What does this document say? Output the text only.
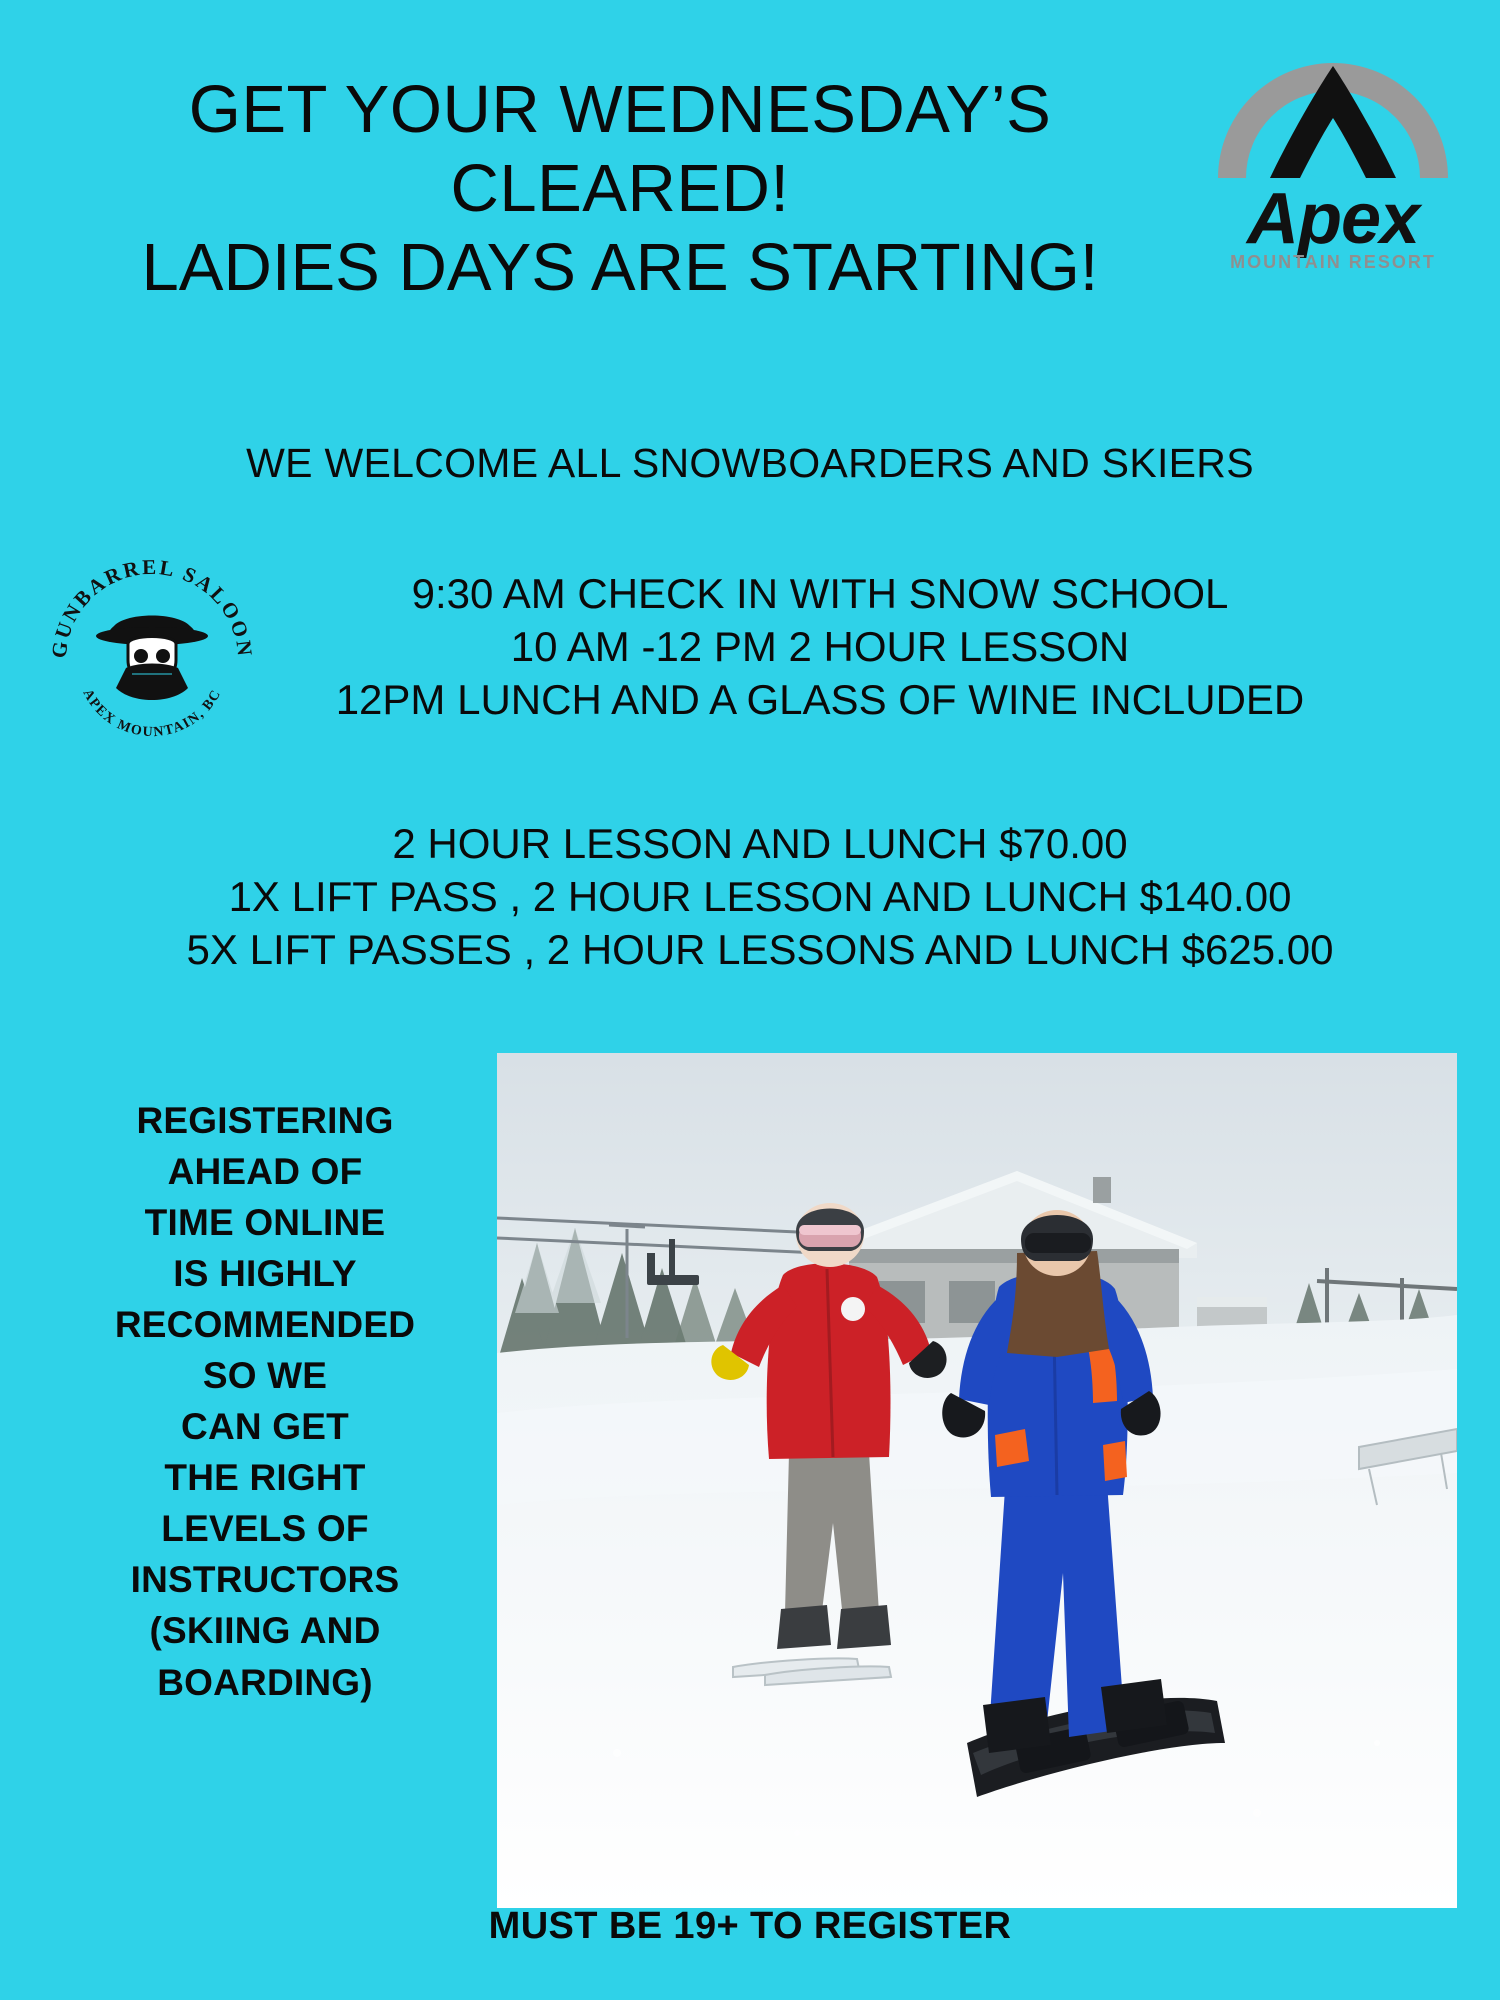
Apex
MOUNTAIN RESORT
GET YOUR WEDNESDAY’S
CLEARED!
LADIES DAYS ARE STARTING!
WE WELCOME ALL SNOWBOARDERS AND SKIERS
GUNBARREL SALOON
APEX MOUNTAIN, BC
9:30 AM CHECK IN WITH SNOW SCHOOL
10 AM -12 PM 2 HOUR LESSON
12PM LUNCH AND A GLASS OF WINE INCLUDED
2 HOUR LESSON AND LUNCH $70.00
1X LIFT PASS , 2 HOUR LESSON AND LUNCH $140.00
5X LIFT PASSES , 2 HOUR LESSONS AND LUNCH $625.00
REGISTERING
AHEAD OF
TIME ONLINE
IS HIGHLY
RECOMMENDED
SO WE
CAN GET
THE RIGHT
LEVELS OF
INSTRUCTORS
(SKIING AND
BOARDING)
MUST BE 19+ TO REGISTER
